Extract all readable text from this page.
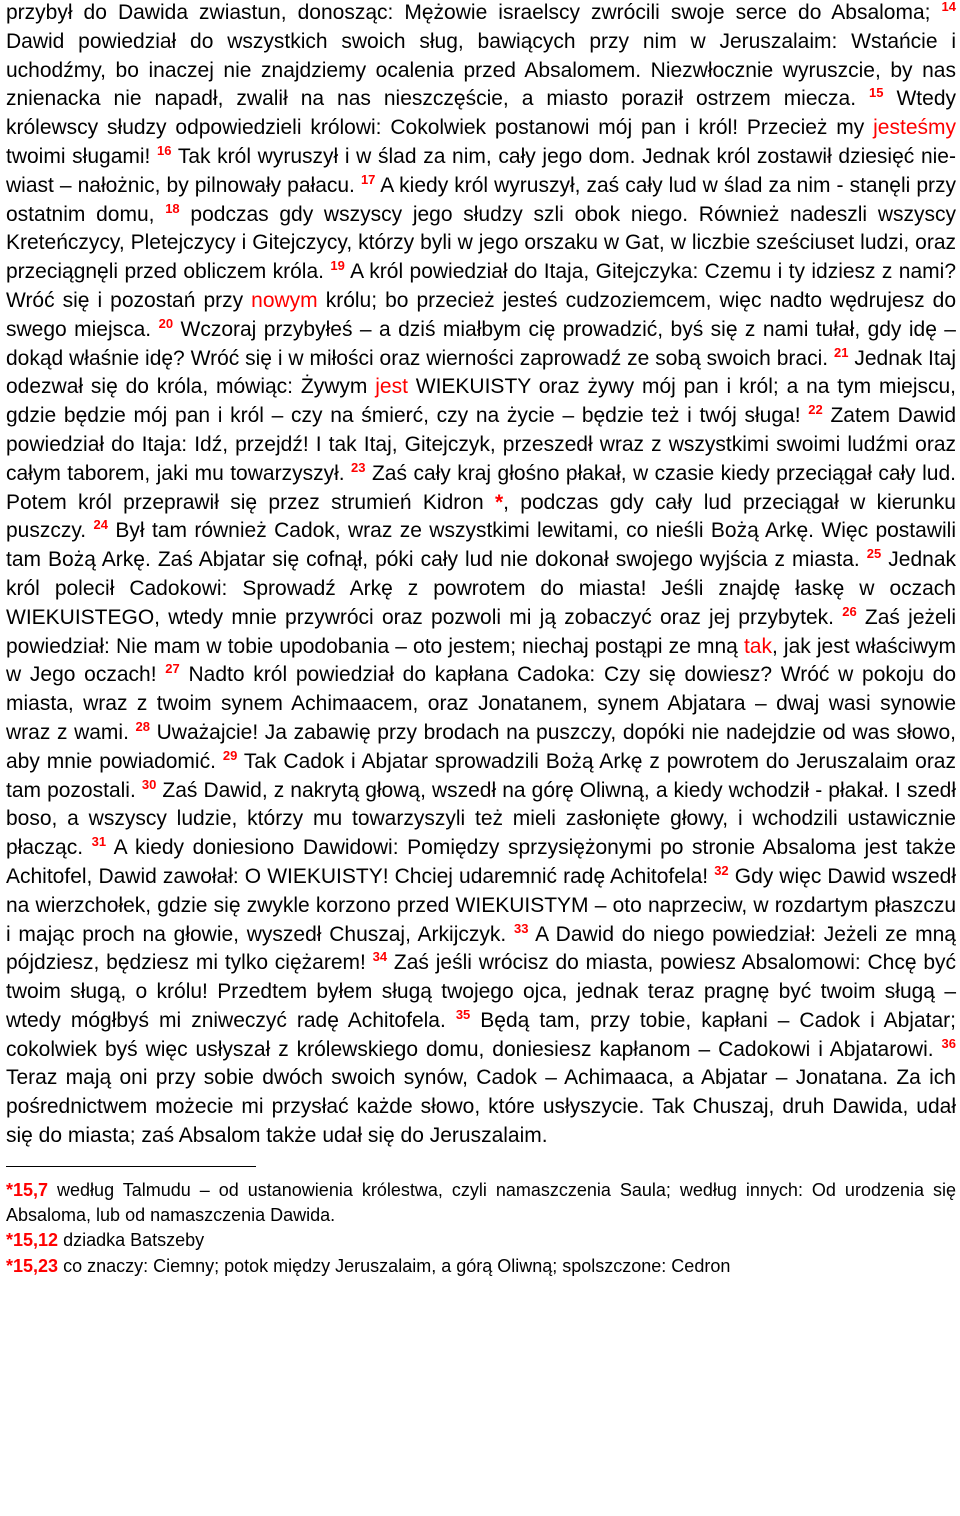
przybył do Dawida zwiastun, donosząc: Mężowie israelscy zwrócili swoje serce do Absaloma; $^{14}$ Dawid powiedział do wszystkich swoich sług, bawiących przy nim w Jeruszalaim: Wstańcie i uchodźmy, bo inaczej nie znajdziemy ocalenia przed Absalomem. Niezwłocznie wyruszcie, by nas znienacka nie napadł, zwalił na nas nieszczęście, a miasto poraził ostrzem miecza. $^{15}$ Wtedy królewscy słudzy odpowiedzieli królowi: Cokolwiek postanowi mój pan i król! Przecież my jesteśmy twoimi sługami! $^{16}$ Tak król wyruszył i w ślad za nim, cały jego dom. Jednak król zostawił dziesięć niewiast – nałożnic, by pilnowały pałacu. $^{17}$ A kiedy król wyruszył, zaś cały lud w ślad za nim - stanęli przy ostatnim domu, $^{18}$ podczas gdy wszyscy jego słudzy szli obok niego. Również nadeszli wszyscy Kreteńczycy, Pletejczycy i Gitejczycy, którzy byli w jego orszaku w Gat, w liczbie sześciuset ludzi, oraz przeciągnęli przed obliczem króla. $^{19}$ A król powiedział do Itaja, Gitejczyka: Czemu i ty idziesz z nami? Wróć się i pozostań przy nowym królu; bo przecież jesteś cudzoziemcem, więc nadto wędrujesz do swego miejsca. $^{20}$ Wczoraj przybyłeś – a dziś miałbym cię prowadzić, byś się z nami tułał, gdy idę – dokąd właśnie idę? Wróć się i w miłości oraz wierności zaprowadź ze sobą swoich braci. $^{21}$ Jednak Itaj odezwał się do króla, mówiąc: Żywym jest WIEKUISTY oraz żywy mój pan i król; a na tym miejscu, gdzie będzie mój pan i król – czy na śmierć, czy na życie – będzie też i twój sługa! $^{22}$ Zatem Dawid powiedział do Itaja: Idź, przejdź! I tak Itaj, Gitejczyk, przeszedł wraz z wszystkimi swoimi ludźmi oraz całym taborem, jaki mu towarzyszył. $^{23}$ Zaś cały kraj głośno płakał, w czasie kiedy przeciągał cały lud. Potem król przeprawił się przez strumień Kidron *, podczas gdy cały lud przeciągał w kierunku puszczy. $^{24}$ Był tam również Cadok, wraz ze wszystkimi lewitami, co nieśli Bożą Arkę. Więc postawili tam Bożą Arkę. Zaś Abjatar się cofnął, póki cały lud nie dokonał swojego wyjścia z miasta. $^{25}$ Jednak król polecił Cadokowi: Sprowadź Arkę z powrotem do miasta! Jeśli znajdę łaskę w oczach WIEKUISTEGO, wtedy mnie przywróci oraz pozwoli mi ją zobaczyć oraz jej przybytek. $^{26}$ Zaś jeżeli powiedział: Nie mam w tobie upodobania – oto jestem; niechaj postąpi ze mną tak, jak jest właściwym w Jego oczach! $^{27}$ Nadto król powiedział do kapłana Cadoka: Czy się dowiesz? Wróć w pokoju do miasta, wraz z twoim synem Achimaacem, oraz Jonatanem, synem Abjatara – dwaj wasi synowie wraz z wami. $^{28}$ Uważajcie! Ja zabawię przy brodach na puszczy, dopóki nie nadejdzie od was słowo, aby mnie powiadomić. $^{29}$ Tak Cadok i Abjatar sprowadzili Bożą Arkę z powrotem do Jeruszalaim oraz tam pozostali. $^{30}$ Zaś Dawid, z nakrytą głową, wszedł na górę Oliwną, a kiedy wchodził - płakał. I szedł boso, a wszyscy ludzie, którzy mu towarzyszyli też mieli zasłonięte głowy, i wchodzili ustawicznie płacząc. $^{31}$ A kiedy doniesiono Dawidowi: Pomiędzy sprzysiężonymi po stronie Absaloma jest także Achitofel, Dawid zawołał: O WIEKUISTY! Chciej udaremnić radę Achitofela! $^{32}$ Gdy więc Dawid wszedł na wierzchołek, gdzie się zwykle korzono przed WIEKUISTYM – oto naprzeciw, w rozdartym płaszczu i mając proch na głowie, wyszedł Chuszaj, Arkijczyk. $^{33}$ A Dawid do niego powiedział: Jeżeli ze mną pójdziesz, będziesz mi tylko ciężarem! $^{34}$ Zaś jeśli wrócisz do miasta, powiesz Absalomowi: Chcę być twoim sługą, o królu! Przedtem byłem sługą twojego ojca, jednak teraz pragnę być twoim sługą – wtedy mógłbyś mi zniweczyć radę Achitofela. $^{35}$ Będą tam, przy tobie, kapłani – Cadok i Abjatar; cokolwiek byś więc usłyszał z królewskiego domu, doniesiesz kapłanom – Cadokowi i Abjatarowi. $^{36}$ Teraz mają oni przy sobie dwóch swoich synów, Cadok – Achimaaca, a Abjatar – Jonatana. Za ich pośrednictwem możecie mi przysłać każde słowo, które usłyszycie. Tak Chuszaj, druh Dawida, udał się do miasta; zaś Absalom także udał się do Jeruszalaim.

*15,7 według Talmudu – od ustanowienia królestwa, czyli namaszczenia Saula; według innych: Od urodzenia się Absaloma, lub od namaszczenia Dawida.

*15,12 dziadka Batszeby

*15,23 co znaczy: Ciemny; potok między Jeruszalaim, a górą Oliwną; spolszczone: Cedron
